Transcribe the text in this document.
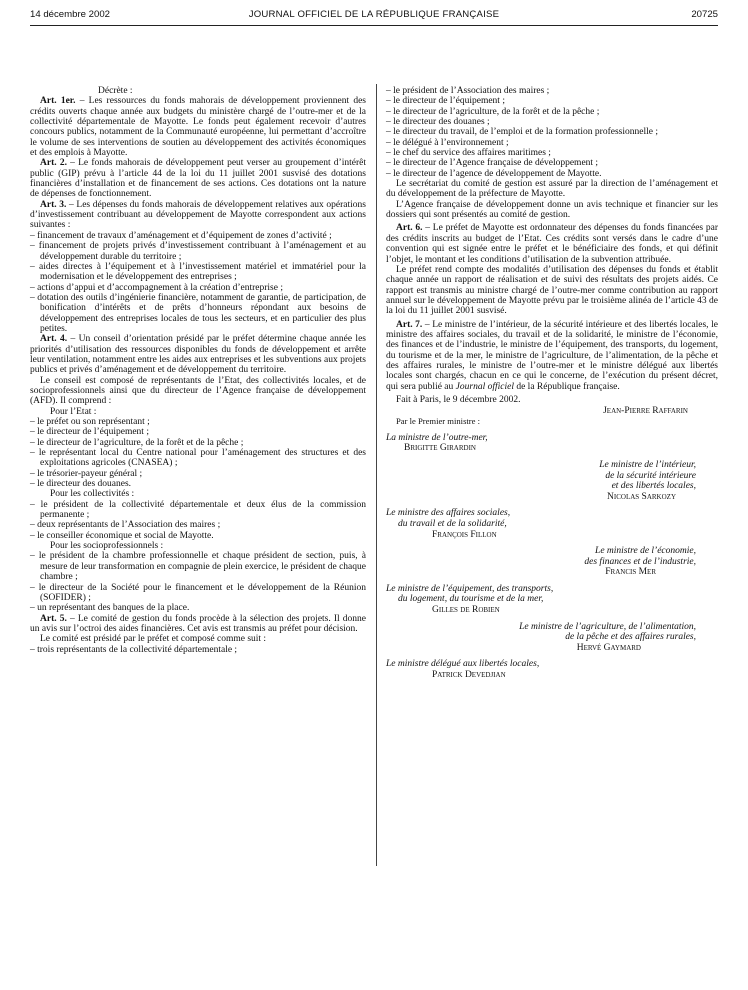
14 décembre 2002	JOURNAL OFFICIEL DE LA RÉPUBLIQUE FRANÇAISE	20725

Décrète :

Art. 1er. – Les ressources du fonds mahorais de développement proviennent des crédits ouverts chaque année aux budgets du ministère chargé de l’outre-mer et de la collectivité départementale de Mayotte. Le fonds peut également recevoir d’autres concours publics, notamment de la Communauté européenne, lui permettant d’accroître le volume de ses interventions de soutien au développement des activités économiques et des emplois à Mayotte.

Art. 2. – Le fonds mahorais de développement peut verser au groupement d’intérêt public (GIP) prévu à l’article 44 de la loi du 11 juillet 2001 susvisé des dotations financières d’installation et de financement de ses actions. Ces dotations ont la nature de dépenses de fonctionnement.

Art. 3. – Les dépenses du fonds mahorais de développement relatives aux opérations d’investissement contribuant au développement de Mayotte correspondent aux actions suivantes :

– financement de travaux d’aménagement et d’équipement de zones d’activité ;

– financement de projets privés d’investissement contribuant à l’aménagement et au développement durable du territoire ;

– aides directes à l’équipement et à l’investissement matériel et immatériel pour la modernisation et le développement des entreprises ;

– actions d’appui et d’accompagnement à la création d’entreprise ;

– dotation des outils d’ingénierie financière, notamment de garantie, de participation, de bonification d’intérêts et de prêts d’honneurs répondant aux besoins de développement des entreprises locales de tous les secteurs, et en particulier des plus petites.

Art. 4. – Un conseil d’orientation présidé par le préfet détermine chaque année les priorités d’utilisation des ressources disponibles du fonds de développement et arrête leur ventilation, notamment entre les aides aux entreprises et les subventions aux projets publics et privés d’aménagement et de développement du territoire.

Le conseil est composé de représentants de l’Etat, des collectivités locales, et de socioprofessionnels ainsi que du directeur de l’Agence française de développement (AFD). Il comprend :

Pour l’Etat :

– le préfet ou son représentant ;

– le directeur de l’équipement ;

– le directeur de l’agriculture, de la forêt et de la pêche ;

– le représentant local du Centre national pour l’aménagement des structures et des exploitations agricoles (CNASEA) ;

– le trésorier-payeur général ;

– le directeur des douanes.

Pour les collectivités :

– le président de la collectivité départementale et deux élus de la commission permanente ;

– deux représentants de l’Association des maires ;

– le conseiller économique et social de Mayotte.

Pour les socioprofessionnels :

– le président de la chambre professionnelle et chaque président de section, puis, à mesure de leur transformation en compagnie de plein exercice, le président de chaque chambre ;

– le directeur de la Société pour le financement et le développement de la Réunion (SOFIDER) ;

– un représentant des banques de la place.

Art. 5. – Le comité de gestion du fonds procède à la sélection des projets. Il donne un avis sur l’octroi des aides financières. Cet avis est transmis au préfet pour décision.

Le comité est présidé par le préfet et composé comme suit :

– trois représentants de la collectivité départementale ;

– le président de l’Association des maires ;

– le directeur de l’équipement ;

– le directeur de l’agriculture, de la forêt et de la pêche ;

– le directeur des douanes ;

– le directeur du travail, de l’emploi et de la formation professionnelle ;

– le délégué à l’environnement ;

– le chef du service des affaires maritimes ;

– le directeur de l’Agence française de développement ;

– le directeur de l’agence de développement de Mayotte.

Le secrétariat du comité de gestion est assuré par la direction de l’aménagement et du développement de la préfecture de Mayotte.

L’Agence française de développement donne un avis technique et financier sur les dossiers qui sont présentés au comité de gestion.

Art. 6. – Le préfet de Mayotte est ordonnateur des dépenses du fonds financées par des crédits inscrits au budget de l’Etat. Ces crédits sont versés dans le cadre d’une convention qui est signée entre le préfet et le bénéficiaire des fonds, et qui définit l’objet, le montant et les conditions d’utilisation de la subvention attribuée.

Le préfet rend compte des modalités d’utilisation des dépenses du fonds et établit chaque année un rapport de réalisation et de suivi des résultats des projets aidés. Ce rapport est transmis au ministre chargé de l’outre-mer comme contribution au rapport annuel sur le développement de Mayotte prévu par le troisième alinéa de l’article 43 de la loi du 11 juillet 2001 susvisé.

Art. 7. – Le ministre de l’intérieur, de la sécurité intérieure et des libertés locales, le ministre des affaires sociales, du travail et de la solidarité, le ministre de l’économie, des finances et de l’industrie, le ministre de l’équipement, des transports, du logement, du tourisme et de la mer, le ministre de l’agriculture, de l’alimentation, de la pêche et des affaires rurales, le ministre de l’outre-mer et le ministre délégué aux libertés locales sont chargés, chacun en ce qui le concerne, de l’exécution du présent décret, qui sera publié au Journal officiel de la République française.

Fait à Paris, le 9 décembre 2002.

Jean-Pierre Raffarin
Par le Premier ministre :
La ministre de l’outre-mer,
Brigitte Girardin
Le ministre de l’intérieur,
de la sécurité intérieure
et des libertés locales,
Nicolas Sarkozy
Le ministre des affaires sociales,
du travail et de la solidarité,
François Fillon
Le ministre de l’économie,
des finances et de l’industrie,
Francis Mer
Le ministre de l’équipement, des transports,
du logement, du tourisme et de la mer,
Gilles de Robien
Le ministre de l’agriculture, de l’alimentation,
de la pêche et des affaires rurales,
Hervé Gaymard
Le ministre délégué aux libertés locales,
Patrick Devedjian
